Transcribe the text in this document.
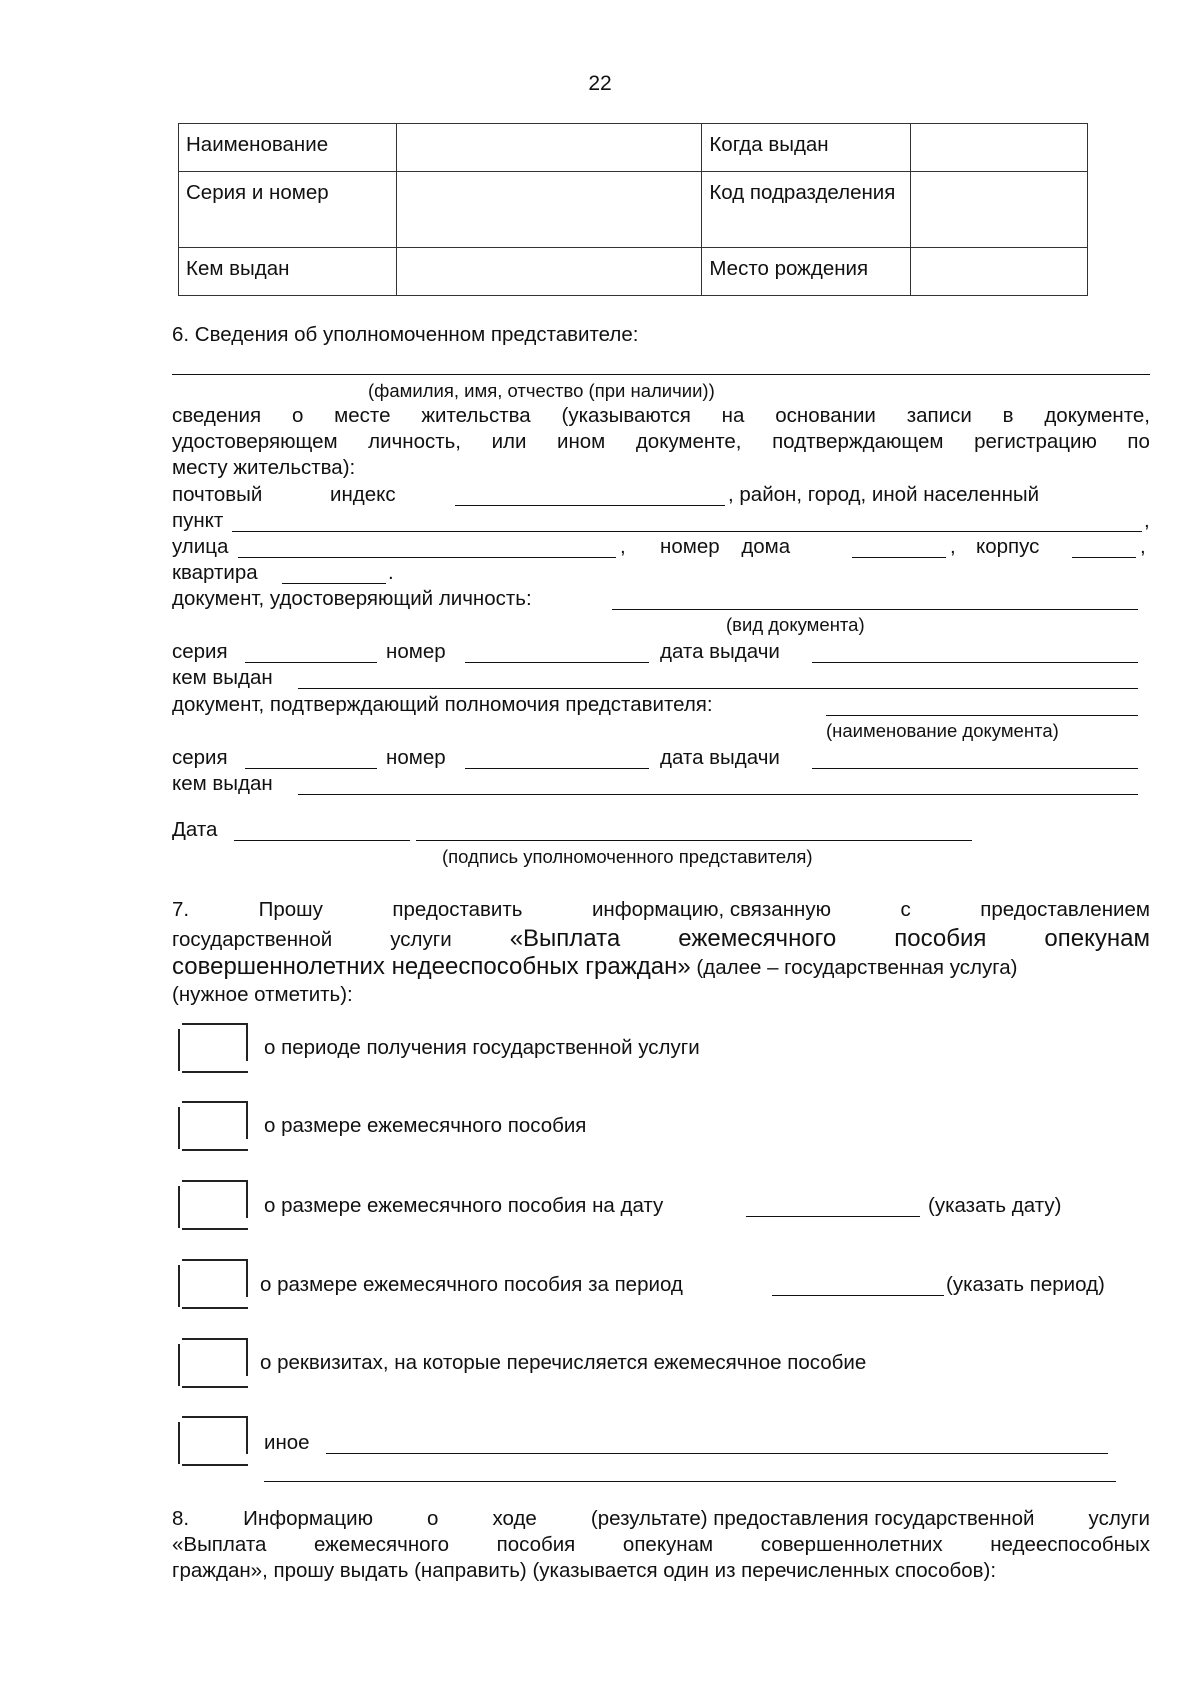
22
Наименование		Когда выдан	
Серия и номер		Код подразделения	
Кем выдан		Место рождения	
6. Сведения об уполномоченном представителе:
(фамилия, имя, отчество (при наличии))
сведения о месте жительства (указываются на основании записи в документе,
удостоверяющем личность, или ином документе, подтверждающем регистрацию по
месту жительства):
почтовый	индекс	, район, город, иной населенный
пункт	,
улица	, номер дома	, корпус	,
квартира	.
документ, удостоверяющий личность:
(вид документа)
серия	номер	дата выдачи
кем выдан
документ, подтверждающий полномочия представителя:
(наименование документа)
серия	номер	дата выдачи
кем выдан
Дата
(подпись уполномоченного представителя)
7.	Прошу	предоставить	информацию, связанную	с	предоставлением
государственной	услуги «Выплата ежемесячного пособия опекунам
совершеннолетних недееспособных граждан» (далее – государственная услуга)
(нужное отметить):
о периоде получения государственной услуги
о размере ежемесячного пособия
о размере ежемесячного пособия на дату	(указать дату)
о размере ежемесячного пособия за период	(указать период)
о реквизитах, на которые перечисляется ежемесячное пособие
иное
8.	Информацию	о	ходе	(результате) предоставления государственной	услуги
«Выплата ежемесячного пособия опекунам совершеннолетних недееспособных
граждан», прошу выдать (направить) (указывается один из перечисленных способов):
